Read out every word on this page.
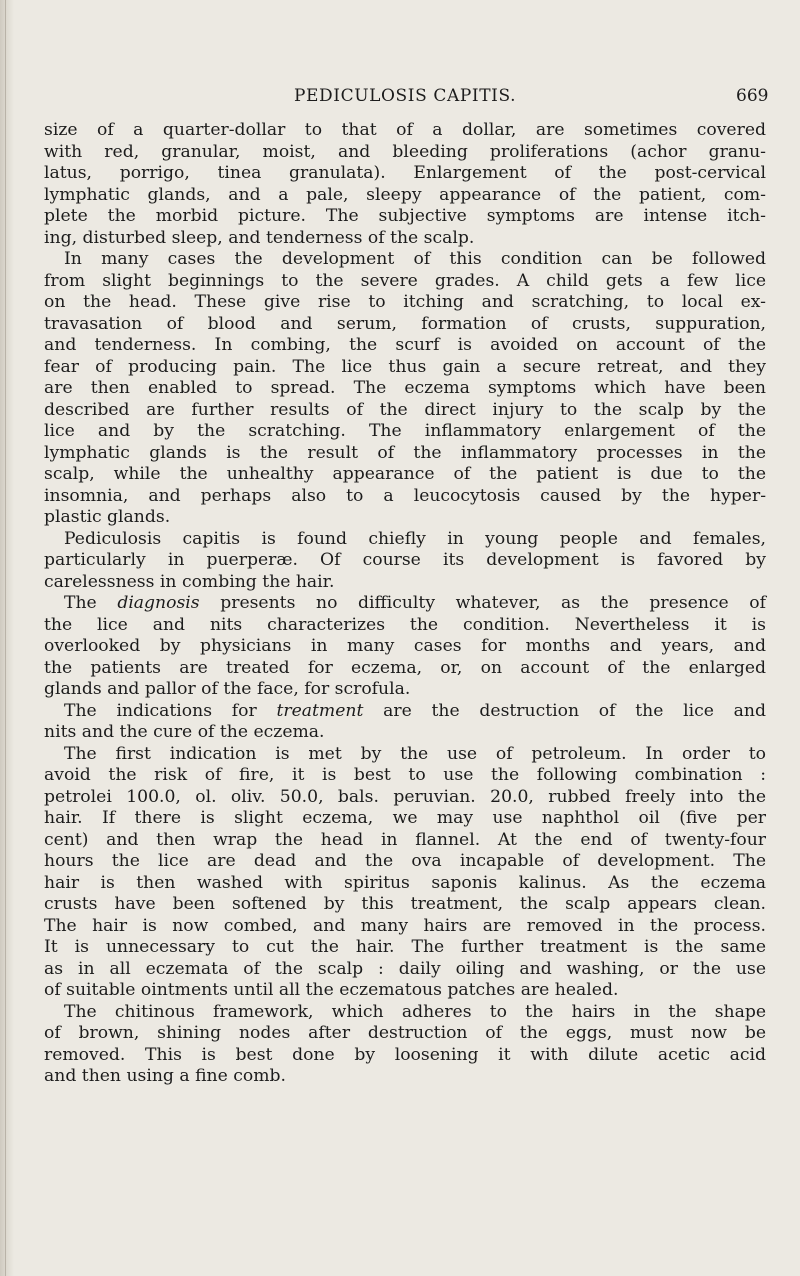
PEDICULOSIS CAPITIS.	669
size of a quarter-dollar to that of a dollar, are sometimes covered
with red, granular, moist, and bleeding proliferations (achor granu-
latus, porrigo, tinea granulata). Enlargement of the post-cervical
lymphatic glands, and a pale, sleepy appearance of the patient, com-
plete the morbid picture. The subjective symptoms are intense itch-
ing, disturbed sleep, and tenderness of the scalp.
In many cases the development of this condition can be followed
from slight beginnings to the severe grades. A child gets a few lice
on the head. These give rise to itching and scratching, to local ex-
travasation of blood and serum, formation of crusts, suppuration,
and tenderness. In combing, the scurf is avoided on account of the
fear of producing pain. The lice thus gain a secure retreat, and they
are then enabled to spread. The eczema symptoms which have been
described are further results of the direct injury to the scalp by the
lice and by the scratching. The inflammatory enlargement of the
lymphatic glands is the result of the inflammatory processes in the
scalp, while the unhealthy appearance of the patient is due to the
insomnia, and perhaps also to a leucocytosis caused by the hyper-
plastic glands.
Pediculosis capitis is found chiefly in young people and females,
particularly in puerperæ. Of course its development is favored by
carelessness in combing the hair.
The diagnosis presents no difficulty whatever, as the presence of
the lice and nits characterizes the condition. Nevertheless it is
overlooked by physicians in many cases for months and years, and
the patients are treated for eczema, or, on account of the enlarged
glands and pallor of the face, for scrofula.
The indications for treatment are the destruction of the lice and
nits and the cure of the eczema.
The first indication is met by the use of petroleum. In order to
avoid the risk of fire, it is best to use the following combination :
petrolei 100.0, ol. oliv. 50.0, bals. peruvian. 20.0, rubbed freely into the
hair. If there is slight eczema, we may use naphthol oil (five per
cent) and then wrap the head in flannel. At the end of twenty-four
hours the lice are dead and the ova incapable of development. The
hair is then washed with spiritus saponis kalinus. As the eczema
crusts have been softened by this treatment, the scalp appears clean.
The hair is now combed, and many hairs are removed in the process.
It is unnecessary to cut the hair. The further treatment is the same
as in all eczemata of the scalp : daily oiling and washing, or the use
of suitable ointments until all the eczematous patches are healed.
The chitinous framework, which adheres to the hairs in the shape
of brown, shining nodes after destruction of the eggs, must now be
removed. This is best done by loosening it with dilute acetic acid
and then using a fine comb.
